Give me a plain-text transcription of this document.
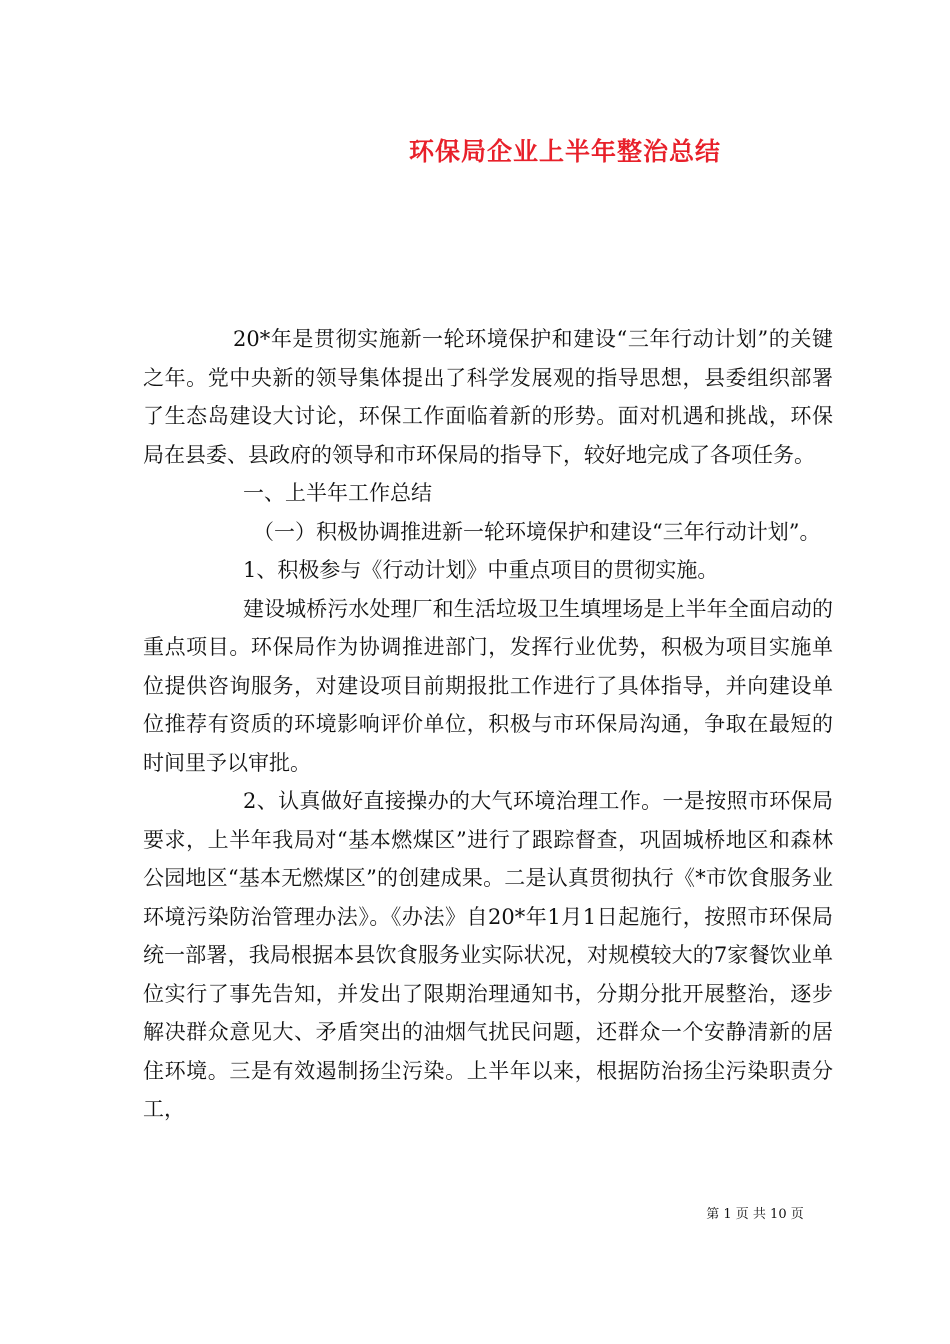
环保局企业上半年整治总结

20*年是贯彻实施新一轮环境保护和建设“三年行动计划”的关键之年。党中央新的领导集体提出了科学发展观的指导思想，县委组织部署了生态岛建设大讨论，环保工作面临着新的形势。面对机遇和挑战，环保局在县委、县政府的领导和市环保局的指导下，较好地完成了各项任务。

一、上半年工作总结

（一）积极协调推进新一轮环境保护和建设“三年行动计划”。

1、积极参与《行动计划》中重点项目的贯彻实施。

建设城桥污水处理厂和生活垃圾卫生填埋场是上半年全面启动的重点项目。环保局作为协调推进部门，发挥行业优势，积极为项目实施单位提供咨询服务，对建设项目前期报批工作进行了具体指导，并向建设单位推荐有资质的环境影响评价单位，积极与市环保局沟通，争取在最短的时间里予以审批。

2、认真做好直接操办的大气环境治理工作。一是按照市环保局要求，上半年我局对“基本燃煤区”进行了跟踪督查，巩固城桥地区和森林公园地区“基本无燃煤区”的创建成果。二是认真贯彻执行《*市饮食服务业环境污染防治管理办法》。《办法》自20*年1月1日起施行，按照市环保局统一部署，我局根据本县饮食服务业实际状况，对规模较大的7家餐饮业单位实行了事先告知，并发出了限期治理通知书，分期分批开展整治，逐步解决群众意见大、矛盾突出的油烟气扰民问题，还群众一个安静清新的居住环境。三是有效遏制扬尘污染。上半年以来，根据防治扬尘污染职责分工，

第 1 页 共 10 页
